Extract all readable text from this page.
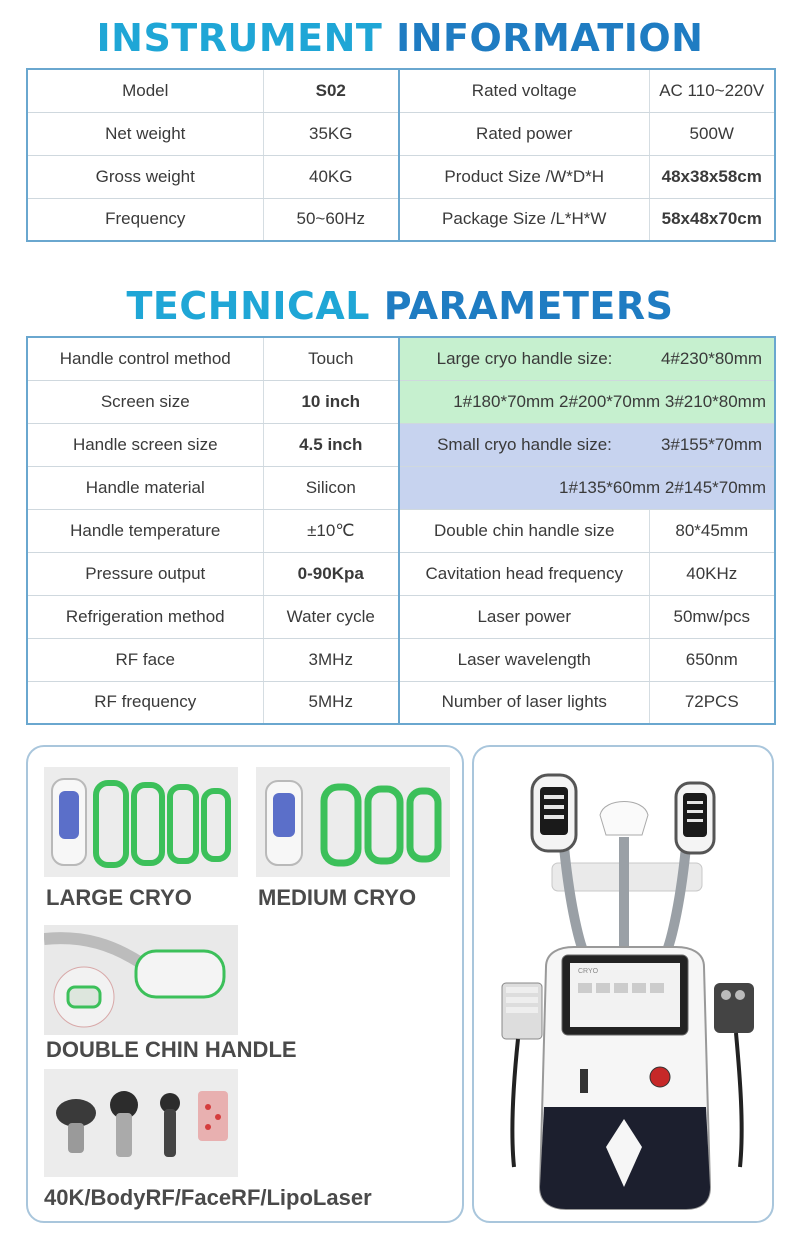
INSTRUMENT INFORMATION
Model	S02	Rated voltage	AC 110~220V
Net weight	35KG	Rated power	500W
Gross weight	40KG	Product Size /W*D*H	48x38x58cm
Frequency	50~60Hz	Package Size /L*H*W	58x48x70cm
TECHNICAL PARAMETERS
Handle control method	Touch	Large cryo handle size:	4#230*80mm
Screen size	10 inch	1#180*70mm 2#200*70mm 3#210*80mm	
Handle screen size	4.5 inch	Small cryo handle size:	3#155*70mm
Handle material	Silicon	1#135*60mm 2#145*70mm	
Handle temperature	±10℃	Double chin handle size	80*45mm
Pressure output	0-90Kpa	Cavitation head frequency	40KHz
Refrigeration method	Water cycle	Laser power	50mw/pcs
RF face	3MHz	Laser wavelength	650nm
RF frequency	5MHz	Number of laser lights	72PCS
LARGE CRYO	MEDIUM CRYO
DOUBLE CHIN HANDLE
40K/BodyRF/FaceRF/LipoLaser
CRYO
